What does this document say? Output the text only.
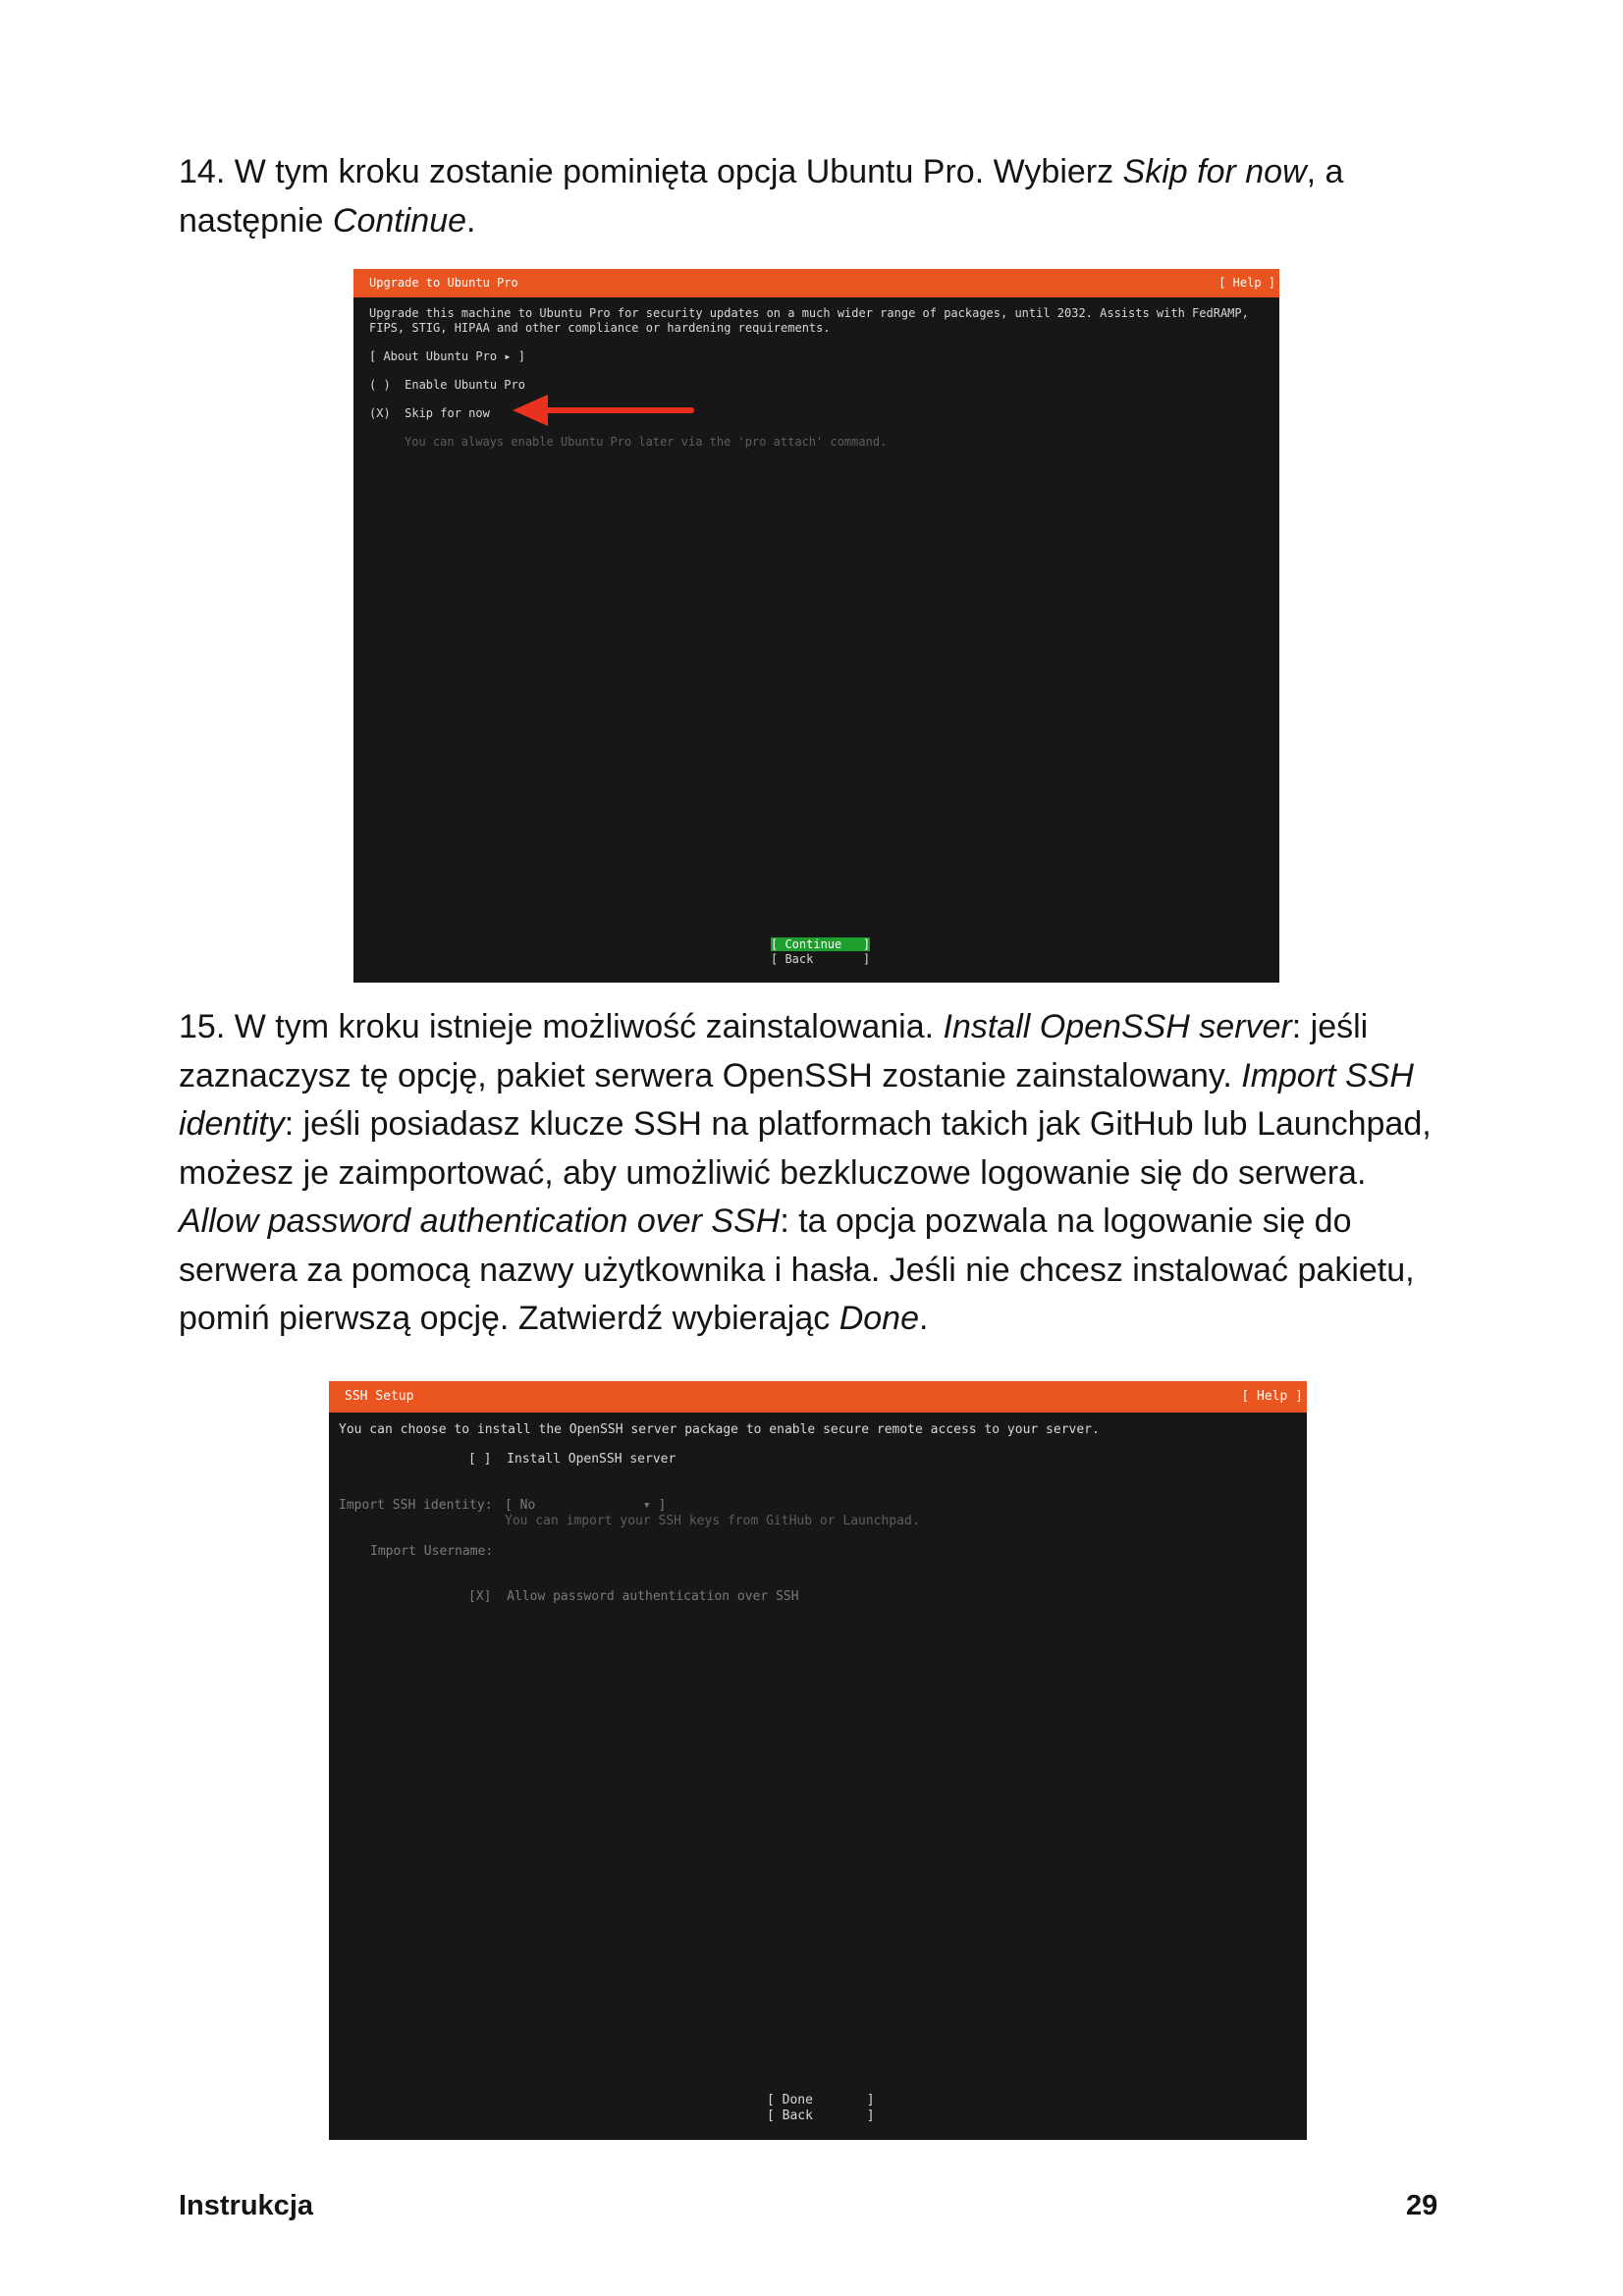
14. W tym kroku zostanie pominięta opcja Ubuntu Pro. Wybierz Skip for now, a następnie Continue.

Upgrade to Ubuntu Pro	[ Help ]
Upgrade this machine to Ubuntu Pro for security updates on a much wider range of packages, until 2032. Assists with FedRAMP,
FIPS, STIG, HIPAA and other compliance or hardening requirements.
[ About Ubuntu Pro ▸ ]
( )  Enable Ubuntu Pro
(X)  Skip for now
You can always enable Ubuntu Pro later via the 'pro attach' command.
[ Continue   ]
[ Back       ]

15. W tym kroku istnieje możliwość zainstalowania. Install OpenSSH server: jeśli zaznaczysz tę opcję, pakiet serwera OpenSSH zostanie zainstalowany. Import SSH identity: jeśli posiadasz klucze SSH na platformach takich jak GitHub lub Launchpad, możesz je zaimportować, aby umożliwić bezkluczowe logowanie się do serwera. Allow password authentication over SSH: ta opcja pozwala na logowanie się do serwera za pomocą nazwy użytkownika i hasła. Jeśli nie chcesz instalować pakietu, pomiń pierwszą opcję. Zatwierdź wybierając Done.

SSH Setup	[ Help ]
You can choose to install the OpenSSH server package to enable secure remote access to your server.
[ ]  Install OpenSSH server
Import SSH identity: [ No              ▾ ]
You can import your SSH keys from GitHub or Launchpad.
Import Username:
[X]  Allow password authentication over SSH
[ Done       ]
[ Back       ]
Instrukcja	29
